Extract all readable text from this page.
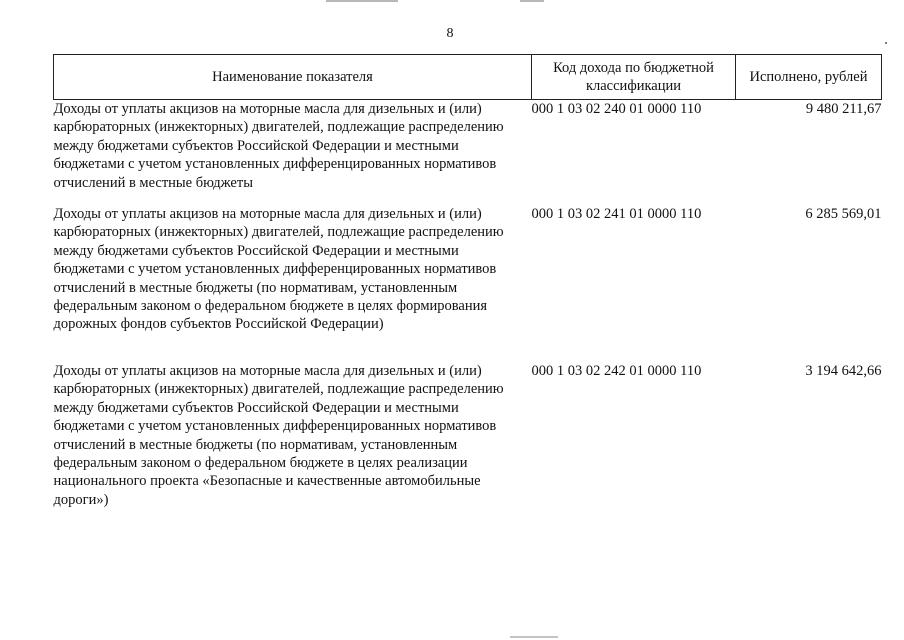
8
Наименование показателя	Код дохода по бюджетной классификации	Исполнено, рублей
Доходы от уплаты акцизов на моторные масла для дизельных и (или) карбюраторных (инжекторных) двигателей, подлежащие распределению между бюджетами субъектов Российской Федерации и местными бюджетами с учетом установленных дифференцированных нормативов отчислений в местные бюджеты	000 1 03 02 240 01 0000 110	9 480 211,67
Доходы от уплаты акцизов на моторные масла для дизельных и (или) карбюраторных (инжекторных) двигателей, подлежащие распределению между бюджетами субъектов Российской Федерации и местными бюджетами с учетом установленных дифференцированных нормативов отчислений в местные бюджеты (по нормативам, установленным федеральным законом о федеральном бюджете в целях формирования дорожных фондов субъектов Российской Федерации)	000 1 03 02 241 01 0000 110	6 285 569,01
Доходы от уплаты акцизов на моторные масла для дизельных и (или) карбюраторных (инжекторных) двигателей, подлежащие распределению между бюджетами субъектов Российской Федерации и местными бюджетами с учетом установленных дифференцированных нормативов отчислений в местные бюджеты (по нормативам, установленным федеральным законом о федеральном бюджете в целях реализации национального проекта «Безопасные и качественные автомобильные дороги»)	000 1 03 02 242 01 0000 110	3 194 642,66
